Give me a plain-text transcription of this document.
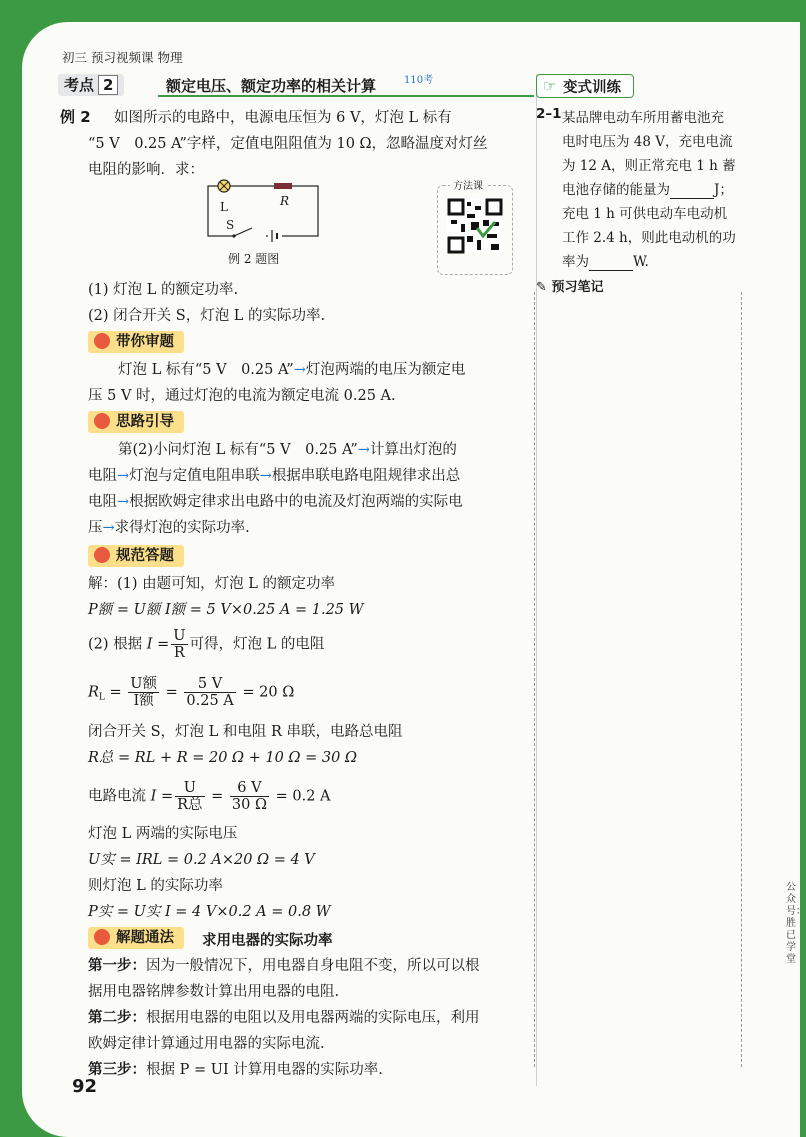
初三 预习视频课 物理
考点 2	额定电压、额定功率的相关计算	110考
例 2 如图所示的电路中，电源电压恒为 6 V，灯泡 L 标有
“5 V　0.25 A”字样，定值电阻阻值为 10 Ω，忽略温度对灯丝
电阻的影响．求：
L
S
R
例 2 题图
方法课
(1) 灯泡 L 的额定功率.
(2) 闭合开关 S，灯泡 L 的实际功率.
带你审题
灯泡 L 标有“5 V　0.25 A”→灯泡两端的电压为额定电
压 5 V 时，通过灯泡的电流为额定电流 0.25 A.
思路引导
第(2)小问灯泡 L 标有“5 V　0.25 A”→计算出灯泡的
电阻→灯泡与定值电阻串联→根据串联电路电阻规律求出总
电阻→根据欧姆定律求出电路中的电流及灯泡两端的实际电
压→求得灯泡的实际功率.
规范答题
解：(1) 由题可知，灯泡 L 的额定功率
P额 = U额 I额 = 5 V×0.25 A = 1.25 W
(2) 根据 $I = \frac{U}{R}$ 可得，灯泡 L 的电阻
$R_L = \frac{\text{U额}}{\text{I额}} = \frac{5 V}{0.25 A} = 20$ Ω
闭合开关 S，灯泡 L 和电阻 R 串联，电路总电阻
R总 = RL + R = 20 Ω + 10 Ω = 30 Ω
电路电流 $I = \frac{U}{\text{R总}} = \frac{6 V}{30 \Omega} = 0.2$ A
灯泡 L 两端的实际电压
U实 = IRL = 0.2 A×20 Ω = 4 V
则灯泡 L 的实际功率
P实 = U实 I = 4 V×0.2 A = 0.8 W
解题通法	求用电器的实际功率
第一步：因为一般情况下，用电器自身电阻不变，所以可以根
据用电器铭牌参数计算出用电器的电阻.
第二步：根据用电器的电阻以及用电器两端的实际电压，利用
欧姆定律计算通过用电器的实际电流.
第三步：根据 P = UI 计算用电器的实际功率.
☞ 变式训练
2–1 某品牌电动车所用蓄电池充
电时电压为 48 V，充电电流
为 12 A，则正常充电 1 h 蓄
电池存储的能量为	J；
充电 1 h 可供电动车电动机
工作 2.4 h，则此电动机的功
率为	W.
✎ 预习笔记
92
公众号：胜已学堂
